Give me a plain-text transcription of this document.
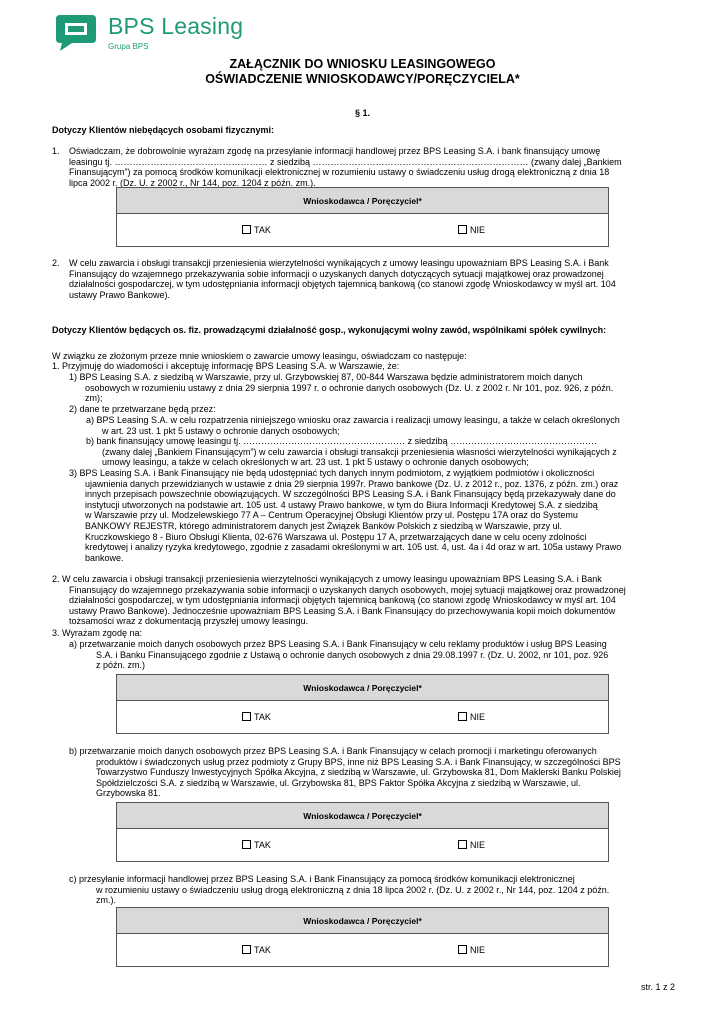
BPS Leasing
Grupa BPS
ZAŁĄCZNIK DO WNIOSKU LEASINGOWEGO
OŚWIADCZENIE WNIOSKODAWCY/PORĘCZYCIELA*
§ 1.
Dotyczy Klientów niebędących osobami fizycznymi:
1. Oświadczam, że dobrowolnie wyrażam zgodę na przesyłanie informacji handlowej przez BPS Leasing S.A. i bank finansujący umowę
leasingu tj. …………………………………………… z siedzibą ……………………………………………………………… (zwany dalej „Bankiem
Finansującym”) za pomocą środków komunikacji elektronicznej w rozumieniu ustawy o świadczeniu usług drogą elektroniczną z dnia 18
lipca 2002 r. (Dz. U. z 2002 r., Nr 144, poz. 1204 z późn. zm.).
Wnioskodawca / Poręczyciel*
TAK	NIE
2. W celu zawarcia i obsługi transakcji przeniesienia wierzytelności wynikających z umowy leasingu upoważniam BPS Leasing S.A. i Bank
Finansujący do wzajemnego przekazywania sobie informacji o uzyskanych danych dotyczących sytuacji majątkowej oraz prowadzonej
działalności gospodarczej, w tym udostępniania informacji objętych tajemnicą bankową (co stanowi zgodę Wnioskodawcy w myśl art. 104
ustawy Prawo Bankowe).
Dotyczy Klientów będących os. fiz. prowadzącymi działalność gosp., wykonującymi wolny zawód, wspólnikami spółek cywilnych:
W związku ze złożonym przeze mnie wnioskiem o zawarcie umowy leasingu, oświadczam co następuje:
1. Przyjmuję do wiadomości i akceptuję informację BPS Leasing S.A. w Warszawie, że:
1) BPS Leasing S.A. z siedzibą w Warszawie, przy ul. Grzybowskiej 87, 00-844 Warszawa będzie administratorem moich danych
osobowych w rozumieniu ustawy z dnia 29 sierpnia 1997 r. o ochronie danych osobowych (Dz. U. z 2002 r. Nr 101, poz. 926, z późn.
zm);
2) dane te przetwarzane będą przez:
a) BPS Leasing S.A. w celu rozpatrzenia niniejszego wniosku oraz zawarcia i realizacji umowy leasingu, a także w celach określonych
w art. 23 ust. 1 pkt 5 ustawy o ochronie danych osobowych;
b) bank finansujący umowę leasingu tj. ……………………………………………… z siedzibą ………………………………………….
(zwany dalej „Bankiem Finansującym”) w celu zawarcia i obsługi transakcji przeniesienia własności wierzytelności wynikających z
umowy leasingu, a także w celach określonych w art. 23 ust. 1 pkt 5 ustawy o ochronie danych osobowych;
3) BPS Leasing S.A. i Bank Finansujący nie będą udostępniać tych danych innym podmiotom, z wyjątkiem podmiotów i okoliczności
ujawnienia danych przewidzianych w ustawie z dnia 29 sierpnia 1997r. Prawo bankowe (Dz. U. z 2012 r., poz. 1376, z późn. zm.) oraz
innych przepisach powszechnie obowiązujących. W szczególności BPS Leasing S.A. i Bank Finansujący będą przekazywały dane do
instytucji utworzonych na podstawie art. 105 ust. 4 ustawy Prawo bankowe, w tym do Biura Informacji Kredytowej S.A. z siedzibą
w Warszawie przy ul. Modzelewskiego 77 A – Centrum Operacyjnej Obsługi Klientów przy ul. Postępu 17A oraz do Systemu
BANKOWY REJESTR, którego administratorem danych jest Związek Banków Polskich z siedzibą w Warszawie, przy ul.
Kruczkowskiego 8 - Biuro Obsługi Klienta, 02-676 Warszawa ul. Postępu 17 A, przetwarzających dane w celu oceny zdolności
kredytowej i analizy ryzyka kredytowego, zgodnie z zasadami określonymi w art. 105 ust. 4, ust. 4a i 4d oraz w art. 105a ustawy Prawo
bankowe.
2. W celu zawarcia i obsługi transakcji przeniesienia wierzytelności wynikających z umowy leasingu upoważniam BPS Leasing S.A. i Bank
Finansujący do wzajemnego przekazywania sobie informacji o uzyskanych danych osobowych, mojej sytuacji majątkowej oraz prowadzonej
działalności gospodarczej, w tym udostępniania informacji objętych tajemnicą bankową (co stanowi zgodę Wnioskodawcy w myśl art. 104
ustawy Prawo Bankowe). Jednocześnie upoważniam BPS Leasing S.A. i Bank Finansujący do przechowywania kopii moich dokumentów
tożsamości wraz z dokumentacją przyszłej umowy leasingu.
3. Wyrażam zgodę na:
a) przetwarzanie moich danych osobowych przez BPS Leasing S.A. i Bank Finansujący w celu reklamy produktów i usług BPS Leasing
S.A. i Banku Finansującego zgodnie z Ustawą o ochronie danych osobowych z dnia 29.08.1997 r. (Dz. U. 2002, nr 101, poz. 926
z późn. zm.)
Wnioskodawca / Poręczyciel*
TAK	NIE
b) przetwarzanie moich danych osobowych przez BPS Leasing S.A. i Bank Finansujący w celach promocji i marketingu oferowanych
produktów i świadczonych usług przez podmioty z Grupy BPS, inne niż BPS Leasing S.A. i Bank Finansujący, w szczególności BPS
Towarzystwo Funduszy Inwestycyjnych Spółka Akcyjna, z siedzibą w Warszawie, ul. Grzybowska 81, Dom Maklerski Banku Polskiej
Spółdzielczości S.A. z siedzibą w Warszawie, ul. Grzybowska 81, BPS Faktor Spółka Akcyjna z siedzibą w Warszawie, ul.
Grzybowska 81.
Wnioskodawca / Poręczyciel*
TAK	NIE
c) przesyłanie informacji handlowej przez BPS Leasing S.A. i Bank Finansujący za pomocą środków komunikacji elektronicznej
w rozumieniu ustawy o świadczeniu usług drogą elektroniczną z dnia 18 lipca 2002 r. (Dz. U. z 2002 r., Nr 144, poz. 1204 z późn.
zm.).
Wnioskodawca / Poręczyciel*
TAK	NIE
str. 1 z 2
